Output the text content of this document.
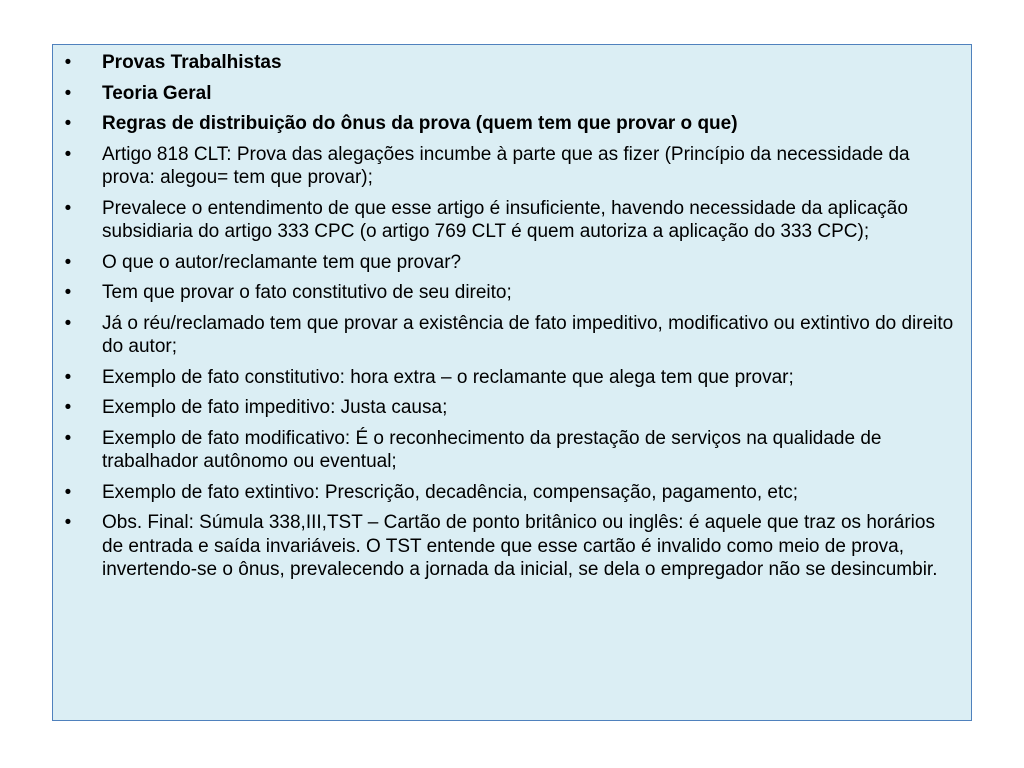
• Provas Trabalhistas
• Teoria Geral
• Regras de distribuição do ônus da prova (quem tem que provar o que)
• Artigo 818 CLT: Prova das alegações incumbe à parte que as fizer (Princípio da necessidade da prova: alegou= tem que provar);
• Prevalece o entendimento de que esse artigo é insuficiente, havendo necessidade da aplicação subsidiaria do artigo 333 CPC (o artigo 769 CLT é quem autoriza a aplicação do 333 CPC);
• O que o autor/reclamante tem que provar?
• Tem que provar o fato constitutivo de seu direito;
• Já o réu/reclamado tem que provar a existência de fato impeditivo, modificativo ou extintivo do direito do autor;
• Exemplo de fato constitutivo: hora extra – o reclamante que alega tem que provar;
• Exemplo de fato impeditivo: Justa causa;
• Exemplo de fato modificativo: É o reconhecimento da prestação de serviços na qualidade de trabalhador autônomo ou eventual;
• Exemplo de fato extintivo: Prescrição, decadência, compensação, pagamento, etc;
• Obs. Final: Súmula 338,III,TST – Cartão de ponto britânico ou inglês: é aquele que traz os horários de entrada e saída invariáveis. O TST entende que esse cartão é invalido como meio de prova, invertendo-se o ônus, prevalecendo a jornada da inicial, se dela o empregador não se desincumbir.
